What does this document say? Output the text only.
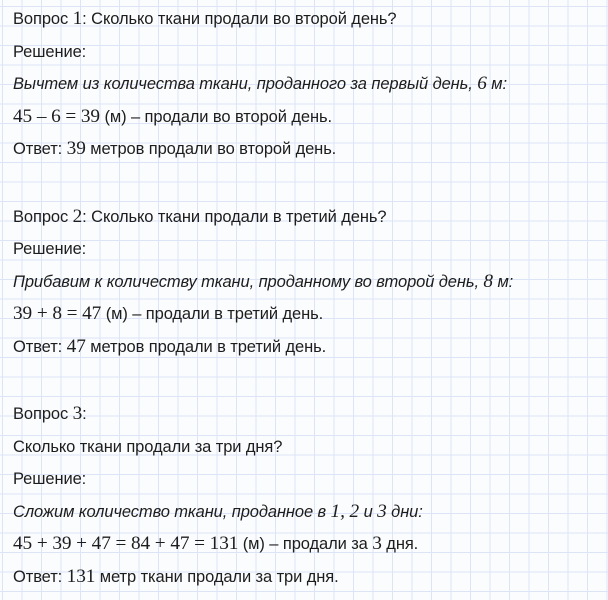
Вопрос 1: Сколько ткани продали во второй день?

Решение:

Вычтем из количества ткани, проданного за первый день, 6 м:

45 – 6 = 39 (м) – продали во второй день.

Ответ: 39 метров продали во второй день.

Вопрос 2: Сколько ткани продали в третий день?

Решение:

Прибавим к количеству ткани, проданному во второй день, 8 м:

39 + 8 = 47 (м) – продали в третий день.

Ответ: 47 метров продали в третий день.

Вопрос 3:

Сколько ткани продали за три дня?

Решение:

Сложим количество ткани, проданное в 1, 2 и 3 дни:

45 + 39 + 47 = 84 + 47 = 131 (м) – продали за 3 дня.

Ответ: 131 метр ткани продали за три дня.
